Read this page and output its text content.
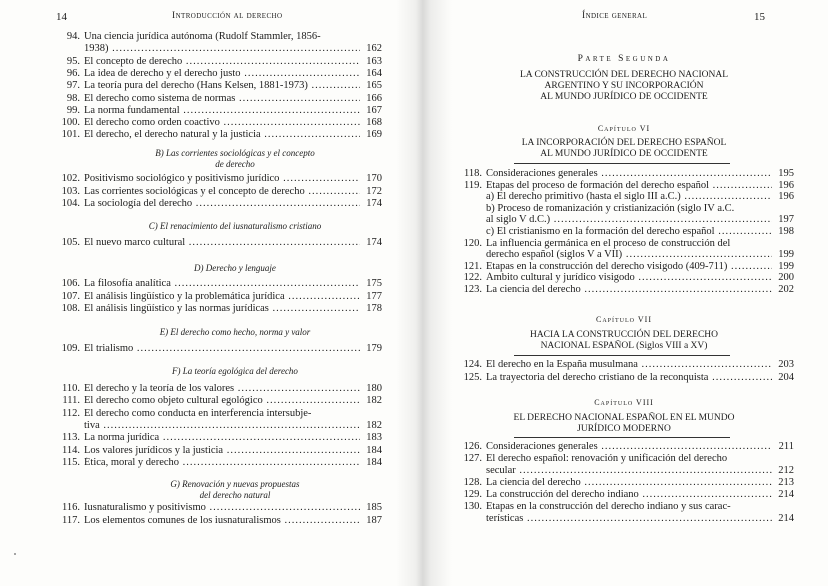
14	Introducción al derecho
94. Una ciencia jurídica autónoma (Rudolf Stammler, 1856-
1938) .....	162
95. El concepto de derecho .....	163
96. La idea de derecho y el derecho justo .....	164
97. La teoría pura del derecho (Hans Kelsen, 1881-1973) .....	165
98. El derecho como sistema de normas .....	166
99. La norma fundamental .....	167
100. El derecho como orden coactivo .....	168
101. El derecho, el derecho natural y la justicia .....	169
B) Las corrientes sociológicas y el concepto
de derecho
102. Positivismo sociológico y positivismo jurídico .....	170
103. Las corrientes sociológicas y el concepto de derecho .....	172
104. La sociología del derecho .....	174
C) El renacimiento del iusnaturalismo cristiano
105. El nuevo marco cultural .....	174
D) Derecho y lenguaje
106. La filosofía analítica .....	175
107. El análisis lingüístico y la problemática jurídica .....	177
108. El análisis lingüístico y las normas jurídicas .....	178
E) El derecho como hecho, norma y valor
109. El trialismo .....	179
F) La teoría egológica del derecho
110. El derecho y la teoría de los valores .....	180
111. El derecho como objeto cultural egológico .....	182
112. El derecho como conducta en interferencia intersubje-
tiva .....	182
113. La norma jurídica .....	183
114. Los valores jurídicos y la justicia .....	184
115. Ética, moral y derecho .....	184
G) Renovación y nuevas propuestas
del derecho natural
116. Iusnaturalismo y positivismo .....	185
117. Los elementos comunes de los iusnaturalismos .....	187
Índice general	15
Parte Segunda
LA CONSTRUCCIÓN DEL DERECHO NACIONAL
ARGENTINO Y SU INCORPORACIÓN
AL MUNDO JURÍDICO DE OCCIDENTE
Capítulo VI
LA INCORPORACIÓN DEL DERECHO ESPAÑOL
AL MUNDO JURÍDICO DE OCCIDENTE
118. Consideraciones generales .....	195
119. Etapas del proceso de formación del derecho español .....	196
a) El derecho primitivo (hasta el siglo III a.C.) .....	196
b) Proceso de romanización y cristianización (siglo IV a.C.
al siglo V d.C.) .....	197
c) El cristianismo en la formación del derecho español .....	198
120. La influencia germánica en el proceso de construcción del
derecho español (siglos V a VII) .....	199
121. Etapas en la construcción del derecho visigodo (409-711) .....	199
122. Ámbito cultural y jurídico visigodo .....	200
123. La ciencia del derecho .....	202
Capítulo VII
HACIA LA CONSTRUCCIÓN DEL DERECHO
NACIONAL ESPAÑOL (Siglos VIII a XV)
124. El derecho en la España musulmana .....	203
125. La trayectoria del derecho cristiano de la reconquista .....	204
Capítulo VIII
EL DERECHO NACIONAL ESPAÑOL EN EL MUNDO
JURÍDICO MODERNO
126. Consideraciones generales .....	211
127. El derecho español: renovación y unificación del derecho
secular .....	212
128. La ciencia del derecho .....	213
129. La construcción del derecho indiano .....	214
130. Etapas en la construcción del derecho indiano y sus carac-
terísticas .....	214
